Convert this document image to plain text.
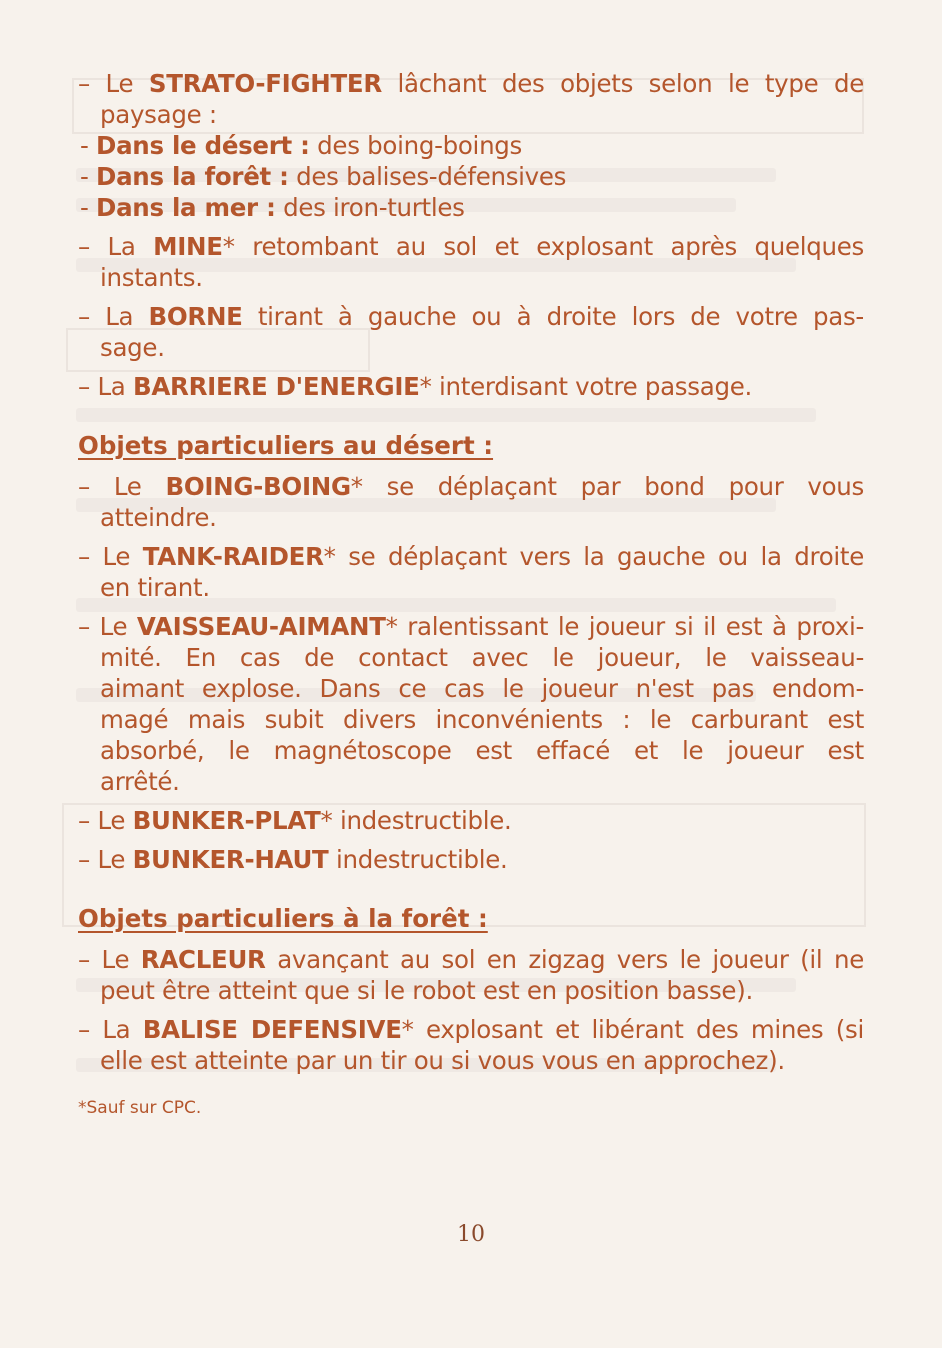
– Le STRATO-FIGHTER lâchant des objets selon le type de

paysage :

- Dans le désert : des boing-boings

- Dans la forêt : des balises-défensives

- Dans la mer : des iron-turtles

– La MINE* retombant au sol et explosant après quelques

instants.

– La BORNE tirant à gauche ou à droite lors de votre pas-

sage.

– La BARRIERE D'ENERGIE* interdisant votre passage.

Objets particuliers au désert :

– Le BOING-BOING* se déplaçant par bond pour vous

atteindre.

– Le TANK-RAIDER* se déplaçant vers la gauche ou la droite

en tirant.

– Le VAISSEAU-AIMANT* ralentissant le joueur si il est à proxi-

mité. En cas de contact avec le joueur, le vaisseau-

aimant explose. Dans ce cas le joueur n'est pas endom-

magé mais subit divers inconvénients : le carburant est

absorbé, le magnétoscope est effacé et le joueur est

arrêté.

– Le BUNKER-PLAT* indestructible.

– Le BUNKER-HAUT indestructible.

Objets particuliers à la forêt :

– Le RACLEUR avançant au sol en zigzag vers le joueur (il ne

peut être atteint que si le robot est en position basse).

– La BALISE DEFENSIVE* explosant et libérant des mines (si

elle est atteinte par un tir ou si vous vous en approchez).

*Sauf sur CPC.
10
